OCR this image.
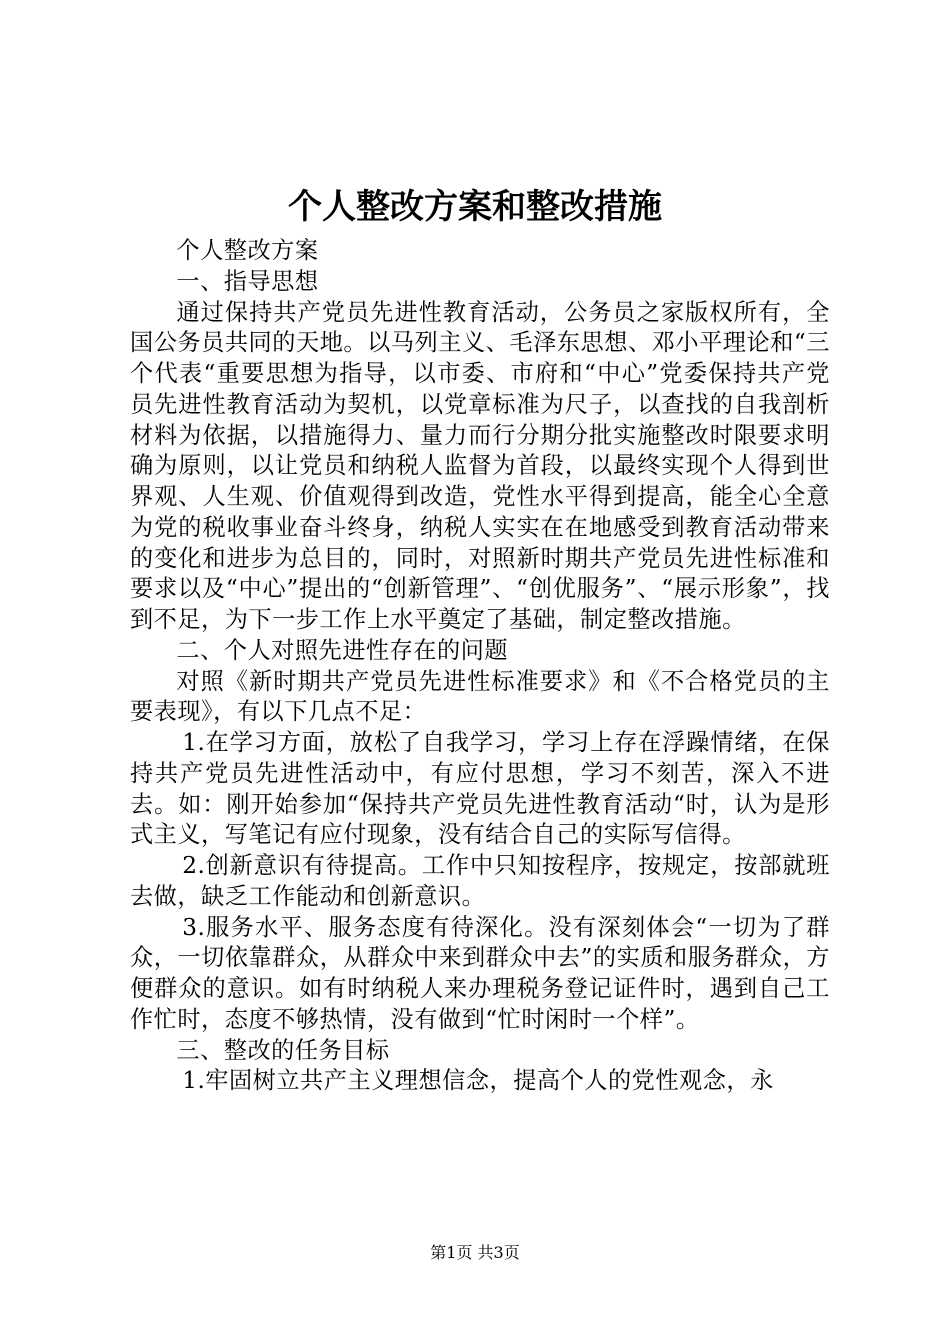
个人整改方案和整改措施

个人整改方案

一、指导思想

通过保持共产党员先进性教育活动，公务员之家版权所有，全国公务员共同的天地。以马列主义、毛泽东思想、邓小平理论和“三个代表“重要思想为指导，以市委、市府和“中心”党委保持共产党员先进性教育活动为契机，以党章标准为尺子，以查找的自我剖析材料为依据，以措施得力、量力而行分期分批实施整改时限要求明确为原则，以让党员和纳税人监督为首段，以最终实现个人得到世界观、人生观、价值观得到改造，党性水平得到提高，能全心全意为党的税收事业奋斗终身，纳税人实实在在地感受到教育活动带来的变化和进步为总目的，同时，对照新时期共产党员先进性标准和要求以及“中心”提出的“创新管理”、“创优服务”、“展示形象”，找到不足，为下一步工作上水平奠定了基础，制定整改措施。

二、个人对照先进性存在的问题

对照《新时期共产党员先进性标准要求》和《不合格党员的主要表现》，有以下几点不足：

1.在学习方面，放松了自我学习，学习上存在浮躁情绪，在保持共产党员先进性活动中，有应付思想，学习不刻苦，深入不进去。如：刚开始参加“保持共产党员先进性教育活动“时，认为是形式主义，写笔记有应付现象，没有结合自己的实际写信得。

2.创新意识有待提高。工作中只知按程序，按规定，按部就班去做，缺乏工作能动和创新意识。

3.服务水平、服务态度有待深化。没有深刻体会“一切为了群众，一切依靠群众，从群众中来到群众中去”的实质和服务群众，方便群众的意识。如有时纳税人来办理税务登记证件时，遇到自己工作忙时，态度不够热情，没有做到“忙时闲时一个样”。

三、整改的任务目标

1.牢固树立共产主义理想信念，提高个人的党性观念，永

第1页 共3页
